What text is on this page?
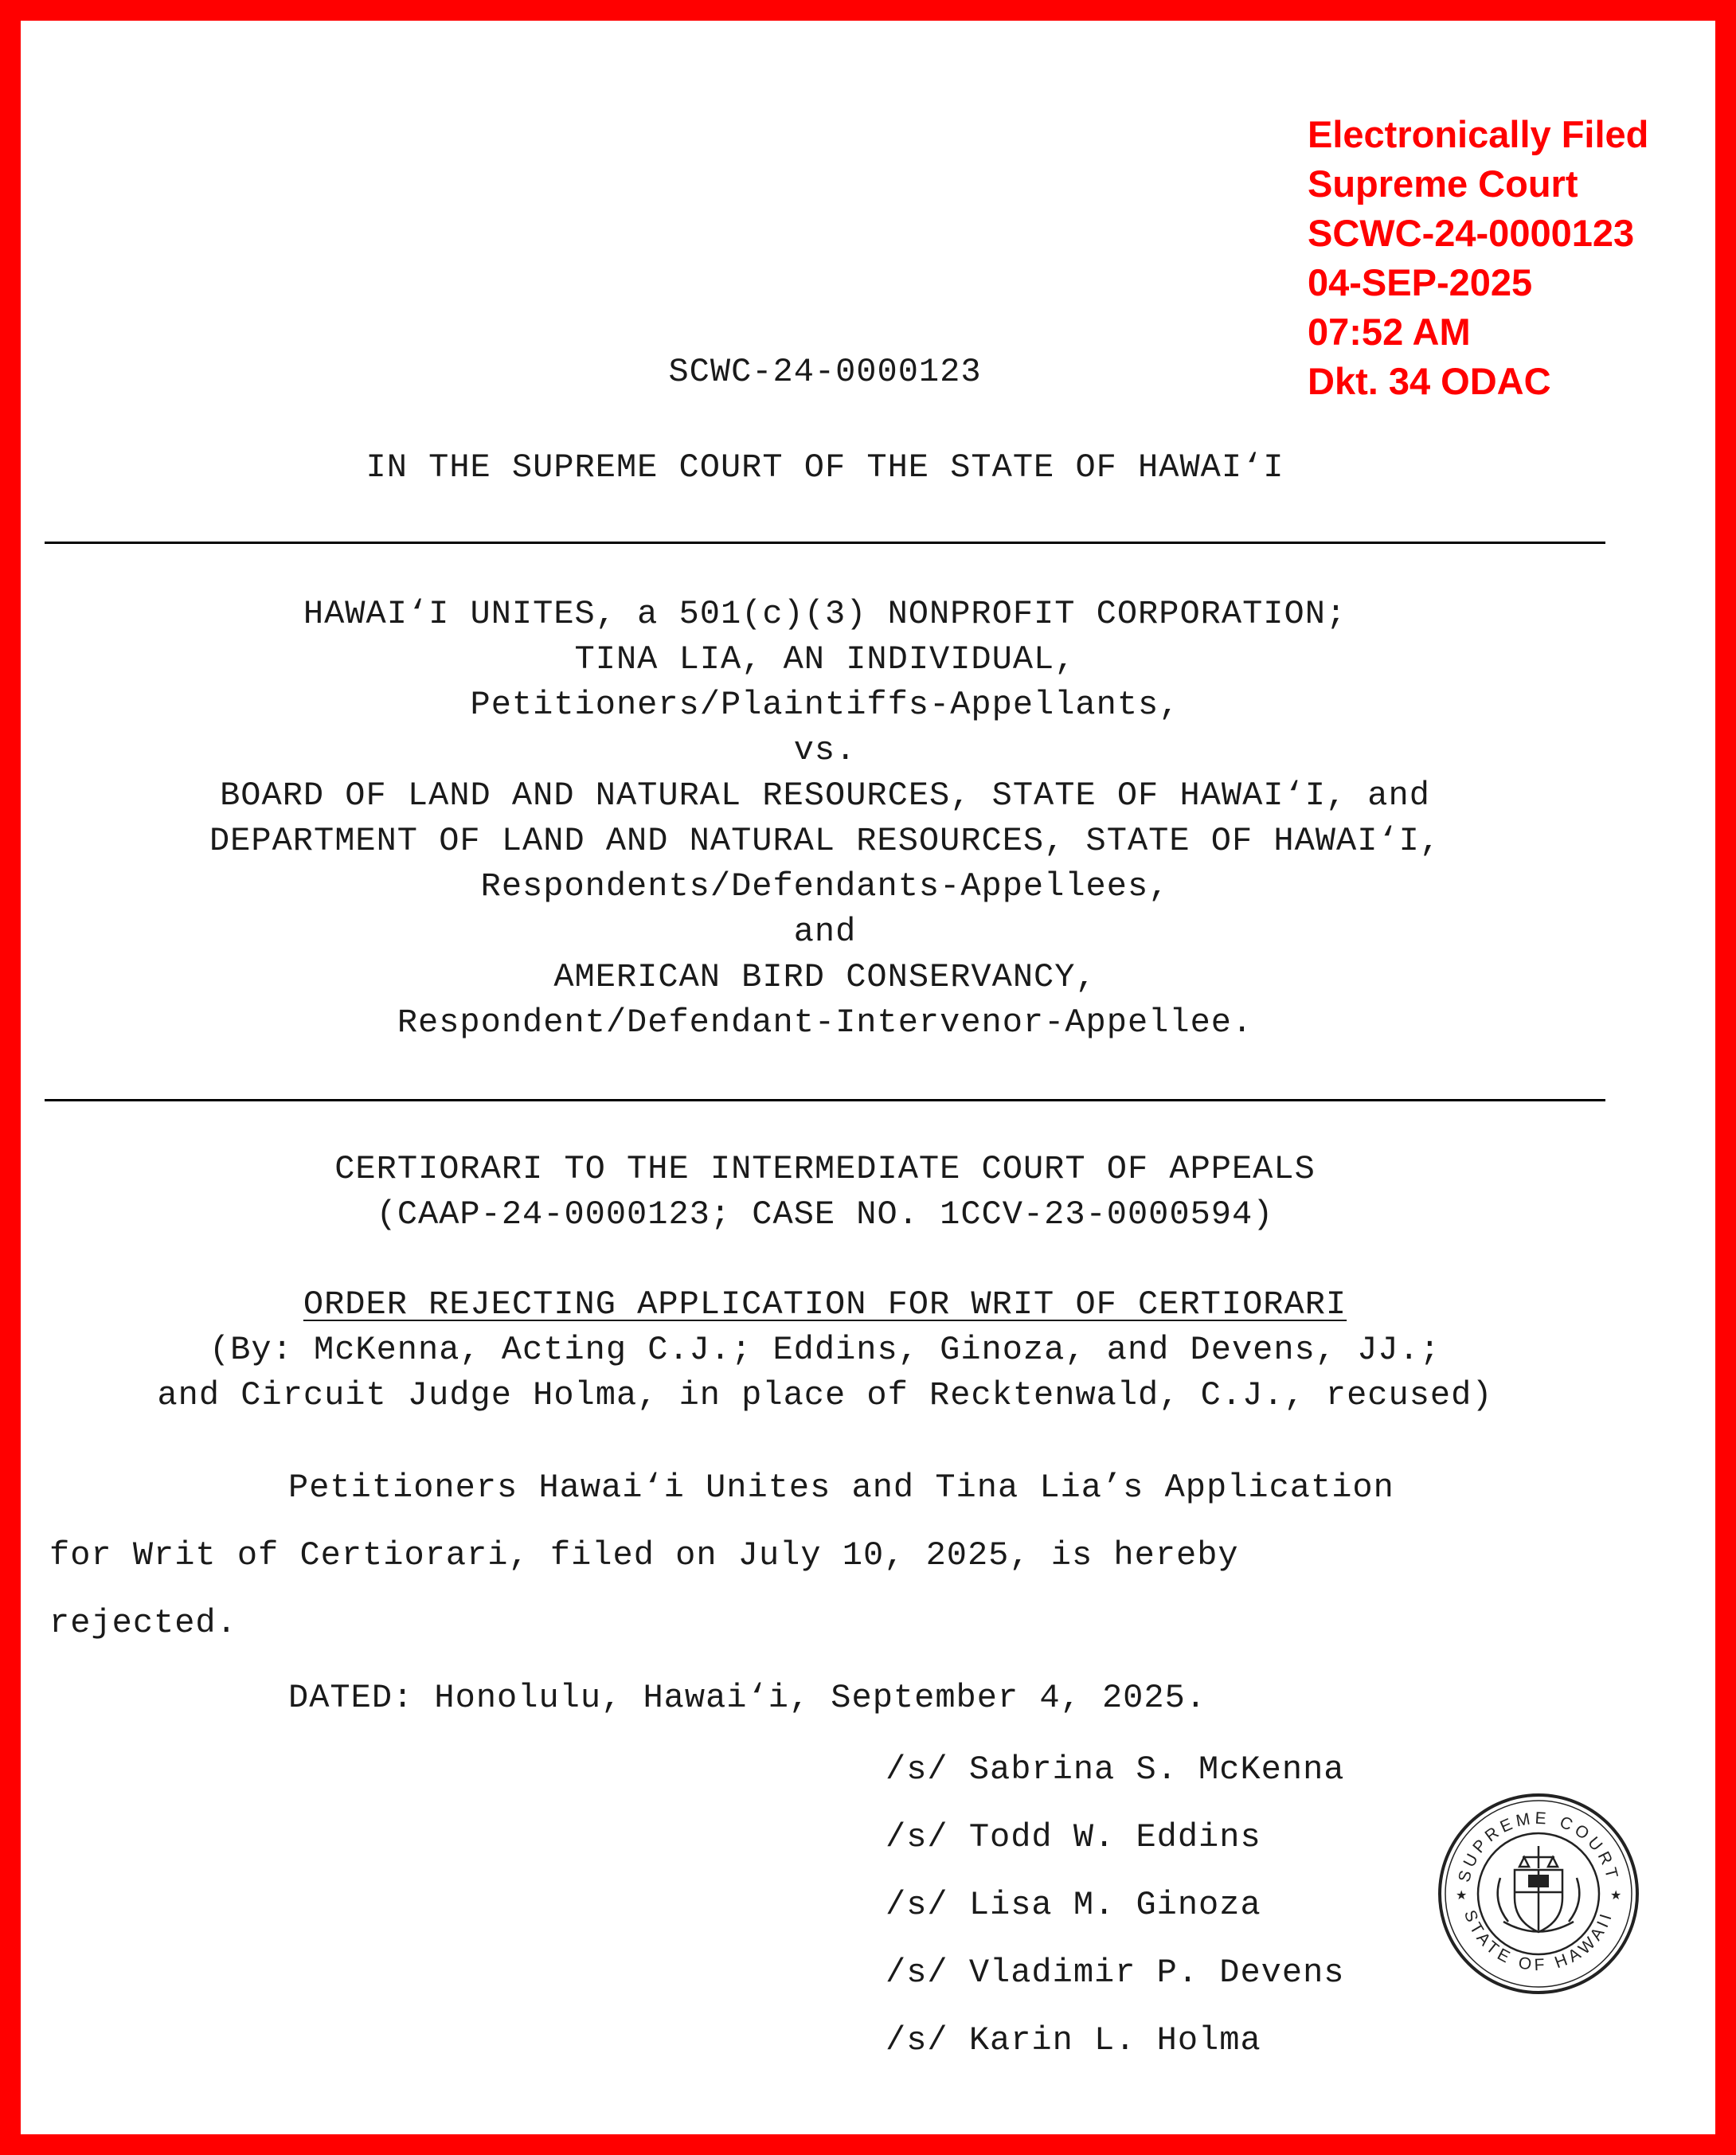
Electronically Filed
Supreme Court
SCWC-24-0000123
04-SEP-2025
07:52 AM
Dkt. 34 ODAC
SCWC-24-0000123
IN THE SUPREME COURT OF THE STATE OF HAWAI‘I
HAWAI‘I UNITES, a 501(c)(3) NONPROFIT CORPORATION;
TINA LIA, AN INDIVIDUAL,
Petitioners/Plaintiffs-Appellants,
vs.
BOARD OF LAND AND NATURAL RESOURCES, STATE OF HAWAI‘I, and
DEPARTMENT OF LAND AND NATURAL RESOURCES, STATE OF HAWAI‘I,
Respondents/Defendants-Appellees,
and
AMERICAN BIRD CONSERVANCY,
Respondent/Defendant-Intervenor-Appellee.
CERTIORARI TO THE INTERMEDIATE COURT OF APPEALS
(CAAP-24-0000123; CASE NO. 1CCV-23-0000594)
ORDER REJECTING APPLICATION FOR WRIT OF CERTIORARI
(By: McKenna, Acting C.J.; Eddins, Ginoza, and Devens, JJ.;
and Circuit Judge Holma, in place of Recktenwald, C.J., recused)
Petitioners Hawai‘i Unites and Tina Lia’s Application
for Writ of Certiorari, filed on July 10, 2025, is hereby
rejected.
DATED: Honolulu, Hawai‘i, September 4, 2025.
/s/ Sabrina S. McKenna
/s/ Todd W. Eddins
/s/ Lisa M. Ginoza
/s/ Vladimir P. Devens
/s/ Karin L. Holma
SUPREME COURT
STATE OF HAWAII
★	★
